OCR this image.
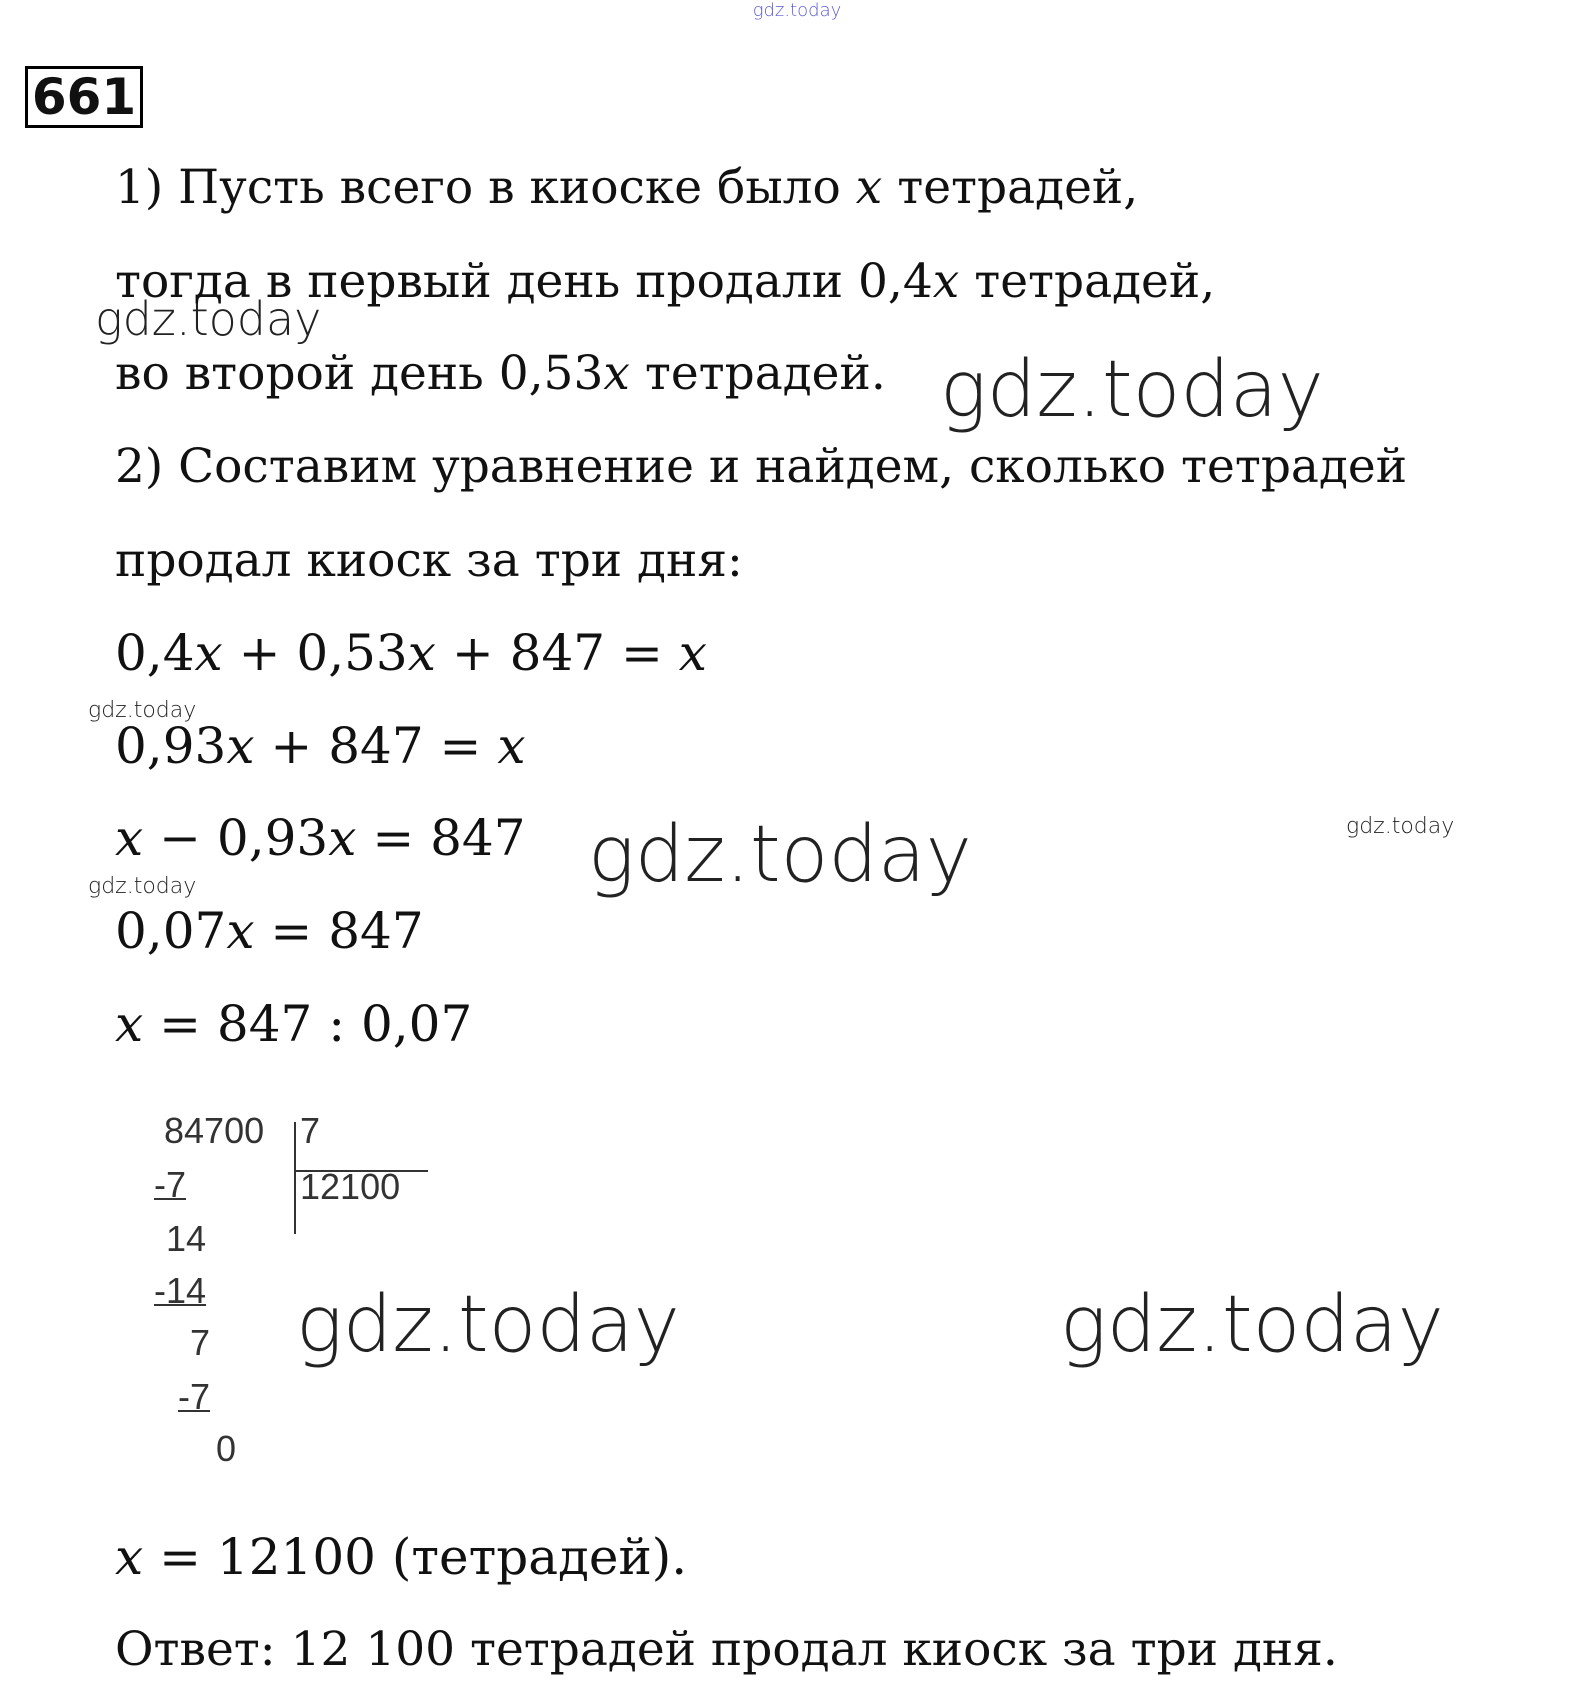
gdz.today
gdz.today
gdz.today
gdz.today
gdz.today	gdz.today
gdz.today
gdz.today	gdz.today
661
1) Пусть всего в киоске было x тетрадей,
тогда в первый день продали 0,4x тетрадей,
во второй день 0,53x тетрадей.
2) Составим уравнение и найдем, сколько тетрадей
продал киоск за три дня:
0,4x + 0,53x + 847 = x
0,93x + 847 = x
x − 0,93x = 847
0,07x = 847
x = 847 : 0,07
84700 7
12100
-7
14
-14
7
-7
0
x = 12100 (тетрадей).
Ответ: 12 100 тетрадей продал киоск за три дня.
